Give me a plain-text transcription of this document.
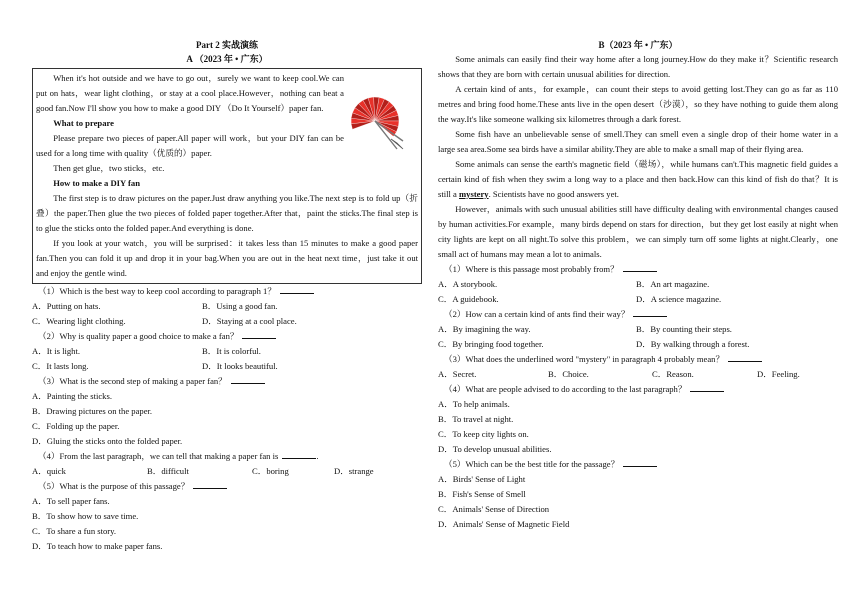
Part 2 实战演练
A （2023 年 • 广东）

When it's hot outside and we have to go out，surely we want to keep cool.We can put on hats，wear light clothing，or stay at a cool place.However，nothing can beat a good fan.Now I'll show you how to make a good DIY （Do It Yourself）paper fan.

What to prepare

Please prepare two pieces of paper.All paper will work，but your DIY fan can be used for a long time with quality（优质的）paper.

Then get glue，two sticks，etc.

How to make a DIY fan

The first step is to draw pictures on the paper.Just draw anything you like.The next step is to fold up（折叠）the paper.Then glue the two pieces of folded paper together.After that，paint the sticks.The final step is to glue the sticks onto the folded paper.And everything is done.

If you look at your watch，you will be surprised：it takes less than 15 minutes to make a good paper fan.Then you can fold it up and drop it in your bag.When you are out in the heat next time，just take it out and enjoy the gentle wind.

（1）Which is the best way to keep cool according to paragraph 1？

A．Putting on hats.	B．Using a good fan.
C．Wearing light clothing.	D．Staying at a cool place.

（2）Why is quality paper a good choice to make a fan？

A．It is light.	B．It is colorful.
C．It lasts long.	D．It looks beautiful.

（3）What is the second step of making a paper fan？

A．Painting the sticks.

B．Drawing pictures on the paper.

C．Folding up the paper.

D．Gluing the sticks onto the folded paper.

（4）From the last paragraph，we can tell that making a paper fan is	.

A．quick	B．difficult	C．boring	D．strange

（5）What is the purpose of this passage？

A．To sell paper fans.

B．To show how to save time.

C．To share a fun story.

D．To teach how to make paper fans.

B（2023 年 • 广东）

Some animals can easily find their way home after a long journey.How do they make it？Scientific research shows that they are born with certain unusual abilities for direction.

A certain kind of ants，for example，can count their steps to avoid getting lost.They can go as far as 110 metres and bring food home.These ants live in the open desert（沙漠），so they have nothing to guide them along the way.It's like someone walking six kilometres through a dark forest.

Some fish have an unbelievable sense of smell.They can smell even a single drop of their home water in a large sea area.Some sea birds have a similar ability.They are able to make a small map of their flying area.

Some animals can sense the earth's magnetic field（磁场），while humans can't.This magnetic field guides a certain kind of fish when they swim a long way to a place and then back.How can this kind of fish do that？It is still a mystery. Scientists have no good answers yet.

However，animals with such unusual abilities still have difficulty dealing with environmental changes caused by human activities.For example，many birds depend on stars for direction，but they get lost easily at night when city lights are kept on all night.To solve this problem，we can simply turn off some lights at night.Clearly，one small act of humans may mean a lot to animals.

（1）Where is this passage most probably from？

A．A storybook.	B．An art magazine.
C．A guidebook.	D．A science magazine.

（2）How can a certain kind of ants find their way？

A．By imagining the way.	B．By counting their steps.
C．By bringing food together.	D．By walking through a forest.

（3）What does the underlined word "mystery" in paragraph 4 probably mean？

A．Secret.	B．Choice.	C．Reason.	D．Feeling.

（4）What are people advised to do according to the last paragraph？

A．To help animals.

B．To travel at night.

C．To keep city lights on.

D．To develop unusual abilities.

（5）Which can be the best title for the passage？

A．Birds' Sense of Light

B．Fish's Sense of Smell

C．Animals' Sense of Direction

D．Animals' Sense of Magnetic Field
